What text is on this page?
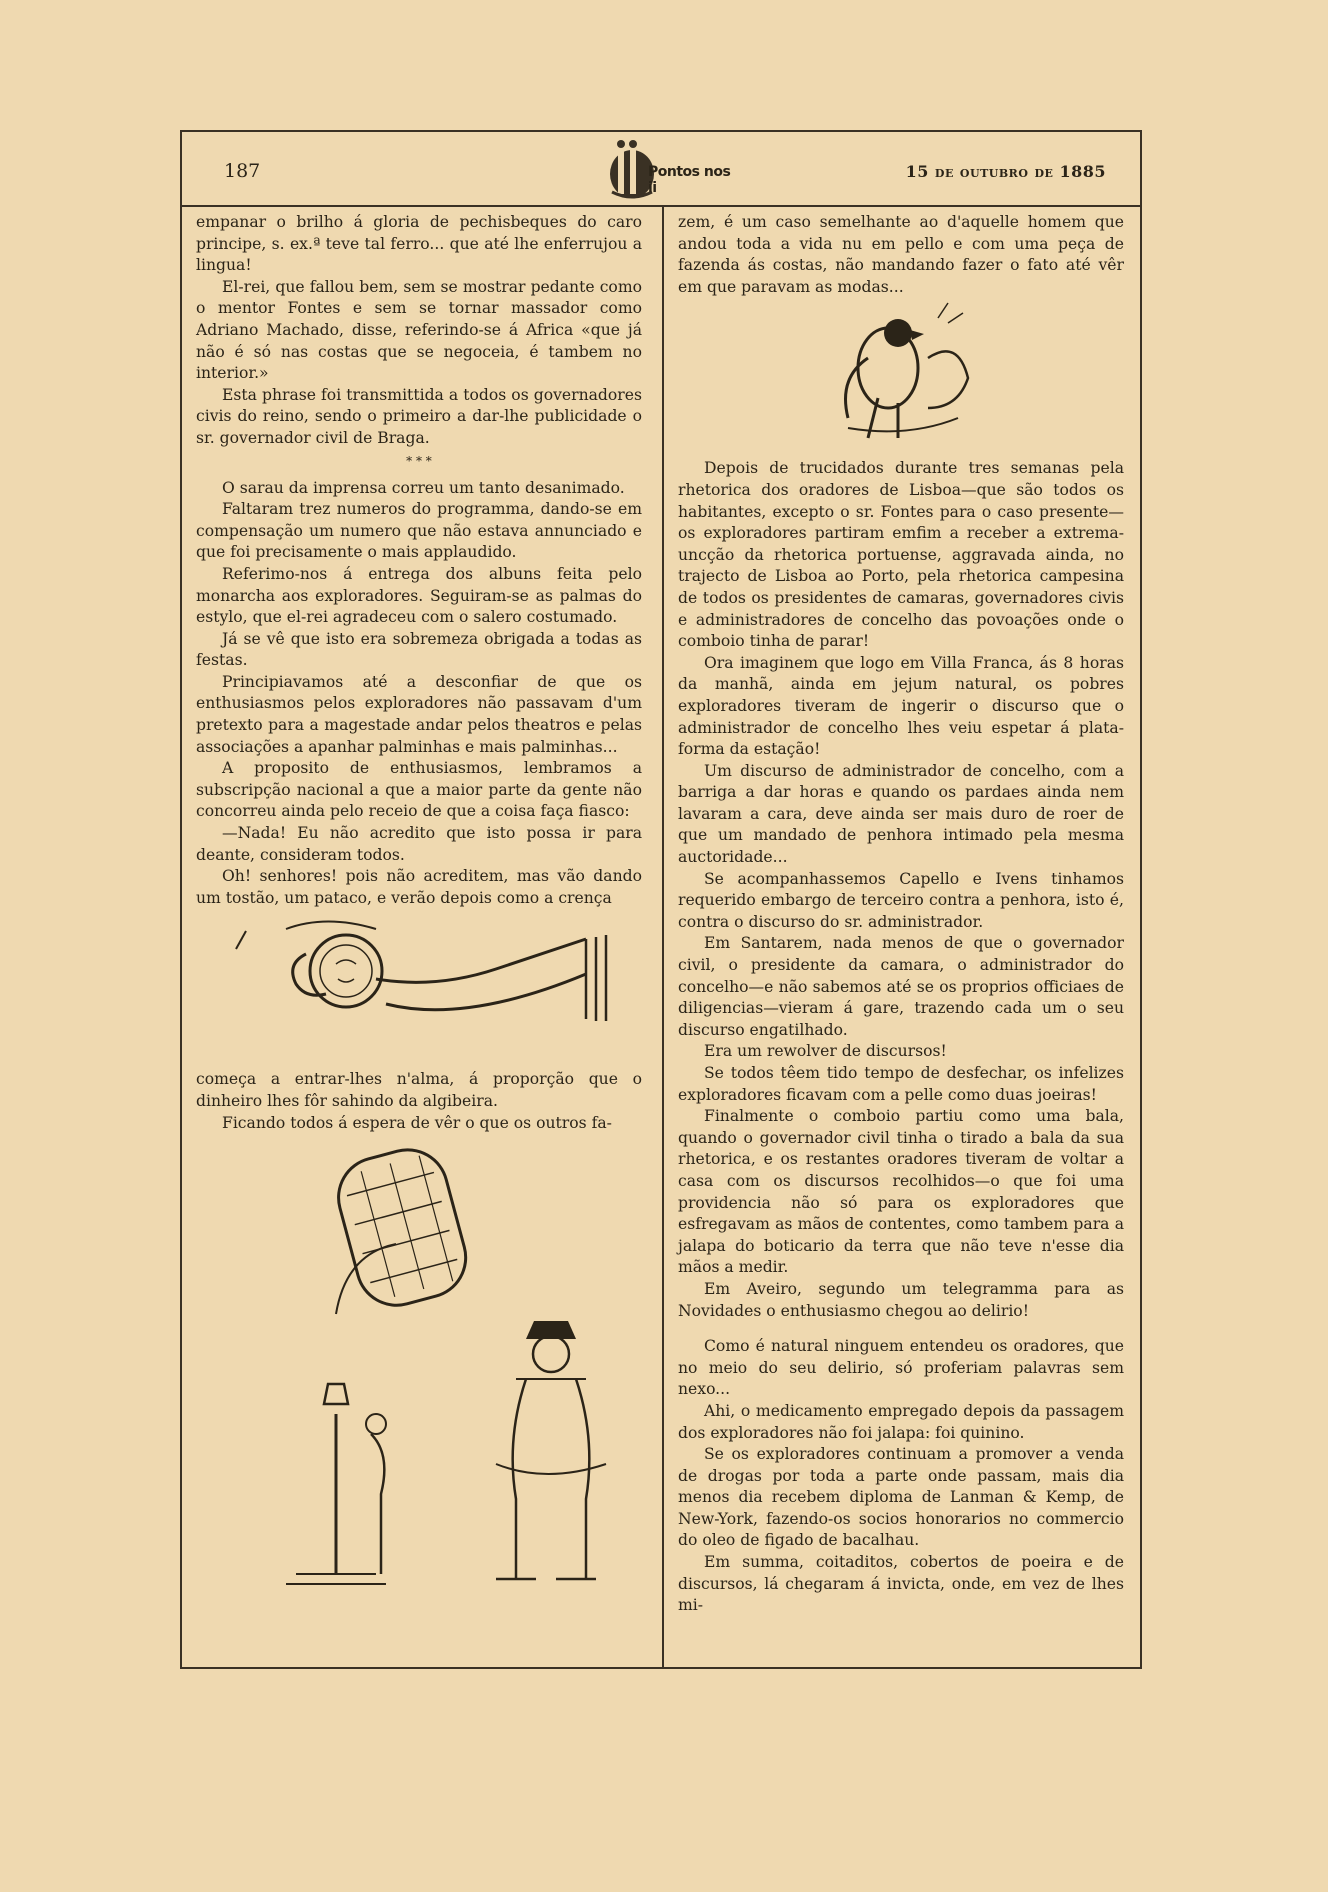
187	Pontos nos ii
15 de outubro de 1885

empanar o brilho á gloria de pechisbeques do caro principe, s. ex.ª teve tal ferro... que até lhe enferrujou a lingua!

El-rei, que fallou bem, sem se mostrar pedante como o mentor Fontes e sem se tornar massador como Adriano Machado, disse, referindo-se á Africa «que já não é só nas costas que se negoceia, é tambem no interior.»

Esta phrase foi transmittida a todos os governadores civis do reino, sendo o primeiro a dar-lhe publicidade o sr. governador civil de Braga.

* * *

O sarau da imprensa correu um tanto desanimado.

Faltaram trez numeros do programma, dando-se em compensação um numero que não estava annunciado e que foi precisamente o mais applaudido.

Referimo-nos á entrega dos albuns feita pelo monarcha aos exploradores. Seguiram-se as palmas do estylo, que el-rei agradeceu com o salero costumado.

Já se vê que isto era sobremeza obrigada a todas as festas.

Principiavamos até a desconfiar de que os enthusiasmos pelos exploradores não passavam d'um pretexto para a magestade andar pelos theatros e pelas associações a apanhar palminhas e mais palminhas...

A proposito de enthusiasmos, lembramos a subscripção nacional a que a maior parte da gente não concorreu ainda pelo receio de que a coisa faça fiasco:

—Nada! Eu não acredito que isto possa ir para deante, consideram todos.

Oh! senhores! pois não acreditem, mas vão dando um tostão, um pataco, e verão depois como a crença

começa a entrar-lhes n'alma, á proporção que o dinheiro lhes fôr sahindo da algibeira.

Ficando todos á espera de vêr o que os outros fa-

zem, é um caso semelhante ao d'aquelle homem que andou toda a vida nu em pello e com uma peça de fazenda ás costas, não mandando fazer o fato até vêr em que paravam as modas...

Depois de trucidados durante tres semanas pela rhetorica dos oradores de Lisboa—que são todos os habitantes, excepto o sr. Fontes para o caso presente—os exploradores partiram emfim a receber a extrema-uncção da rhetorica portuense, aggravada ainda, no trajecto de Lisboa ao Porto, pela rhetorica campesina de todos os presidentes de camaras, governadores civis e administradores de concelho das povoações onde o comboio tinha de parar!

Ora imaginem que logo em Villa Franca, ás 8 horas da manhã, ainda em jejum natural, os pobres exploradores tiveram de ingerir o discurso que o administrador de concelho lhes veiu espetar á plata-forma da estação!

Um discurso de administrador de concelho, com a barriga a dar horas e quando os pardaes ainda nem lavaram a cara, deve ainda ser mais duro de roer de que um mandado de penhora intimado pela mesma auctoridade...

Se acompanhassemos Capello e Ivens tinhamos requerido embargo de terceiro contra a penhora, isto é, contra o discurso do sr. administrador.

Em Santarem, nada menos de que o governador civil, o presidente da camara, o administrador do concelho—e não sabemos até se os proprios officiaes de diligencias—vieram á gare, trazendo cada um o seu discurso engatilhado.

Era um rewolver de discursos!

Se todos têem tido tempo de desfechar, os infelizes exploradores ficavam com a pelle como duas joeiras!

Finalmente o comboio partiu como uma bala, quando o governador civil tinha o tirado a bala da sua rhetorica, e os restantes oradores tiveram de voltar a casa com os discursos recolhidos—o que foi uma providencia não só para os exploradores que esfregavam as mãos de contentes, como tambem para a jalapa do boticario da terra que não teve n'esse dia mãos a medir.

Em Aveiro, segundo um telegramma para as Novidades o enthusiasmo chegou ao delirio!

Como é natural ninguem entendeu os oradores, que no meio do seu delirio, só proferiam palavras sem nexo...

Ahi, o medicamento empregado depois da passagem dos exploradores não foi jalapa: foi quinino.

Se os exploradores continuam a promover a venda de drogas por toda a parte onde passam, mais dia menos dia recebem diploma de Lanman & Kemp, de New-York, fazendo-os socios honorarios no commercio do oleo de figado de bacalhau.

Em summa, coitaditos, cobertos de poeira e de discursos, lá chegaram á invicta, onde, em vez de lhes mi-
